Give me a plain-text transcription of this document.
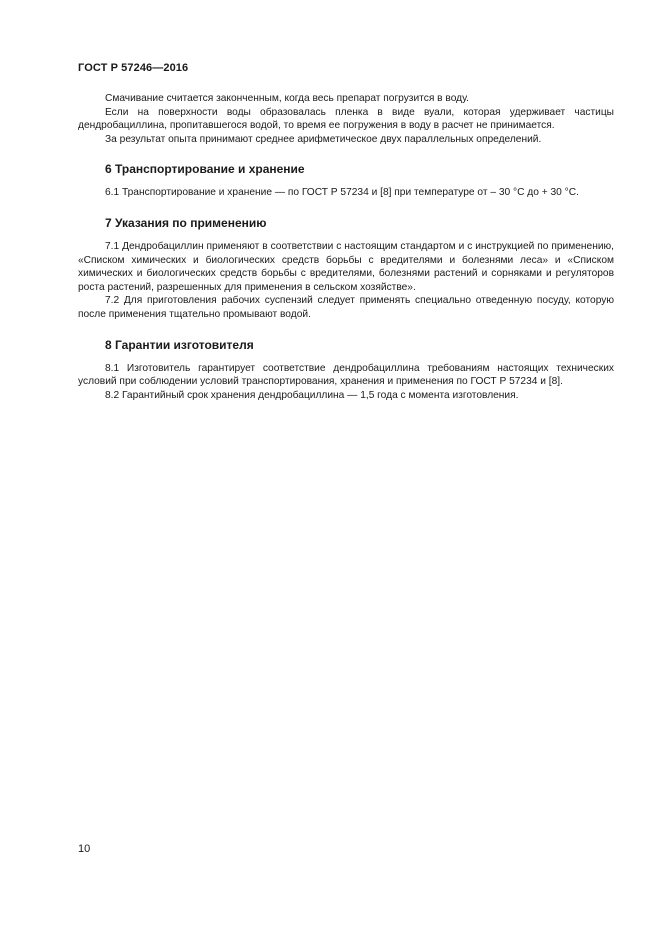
ГОСТ Р 57246—2016

Смачивание считается законченным, когда весь препарат погрузится в воду.

Если на поверхности воды образовалась пленка в виде вуали, которая удерживает частицы дендробациллина, пропитавшегося водой, то время ее погружения в воду в расчет не принимается.

За результат опыта принимают среднее арифметическое двух параллельных определений.

6 Транспортирование и хранение

6.1 Транспортирование и хранение — по ГОСТ Р 57234 и [8] при температуре от – 30 °С до + 30 °С.

7 Указания по применению

7.1 Дендробациллин применяют в соответствии с настоящим стандартом и с инструкцией по применению, «Списком химических и биологических средств борьбы с вредителями и болезнями леса» и «Списком химических и биологических средств борьбы с вредителями, болезнями растений и сорняками и регуляторов роста растений, разрешенных для применения в сельском хозяйстве».

7.2 Для приготовления рабочих суспензий следует применять специально отведенную посуду, которую после применения тщательно промывают водой.

8 Гарантии изготовителя

8.1 Изготовитель гарантирует соответствие дендробациллина требованиям настоящих технических условий при соблюдении условий транспортирования, хранения и применения по ГОСТ Р 57234 и [8].

8.2 Гарантийный срок хранения дендробациллина — 1,5 года с момента изготовления.

10
